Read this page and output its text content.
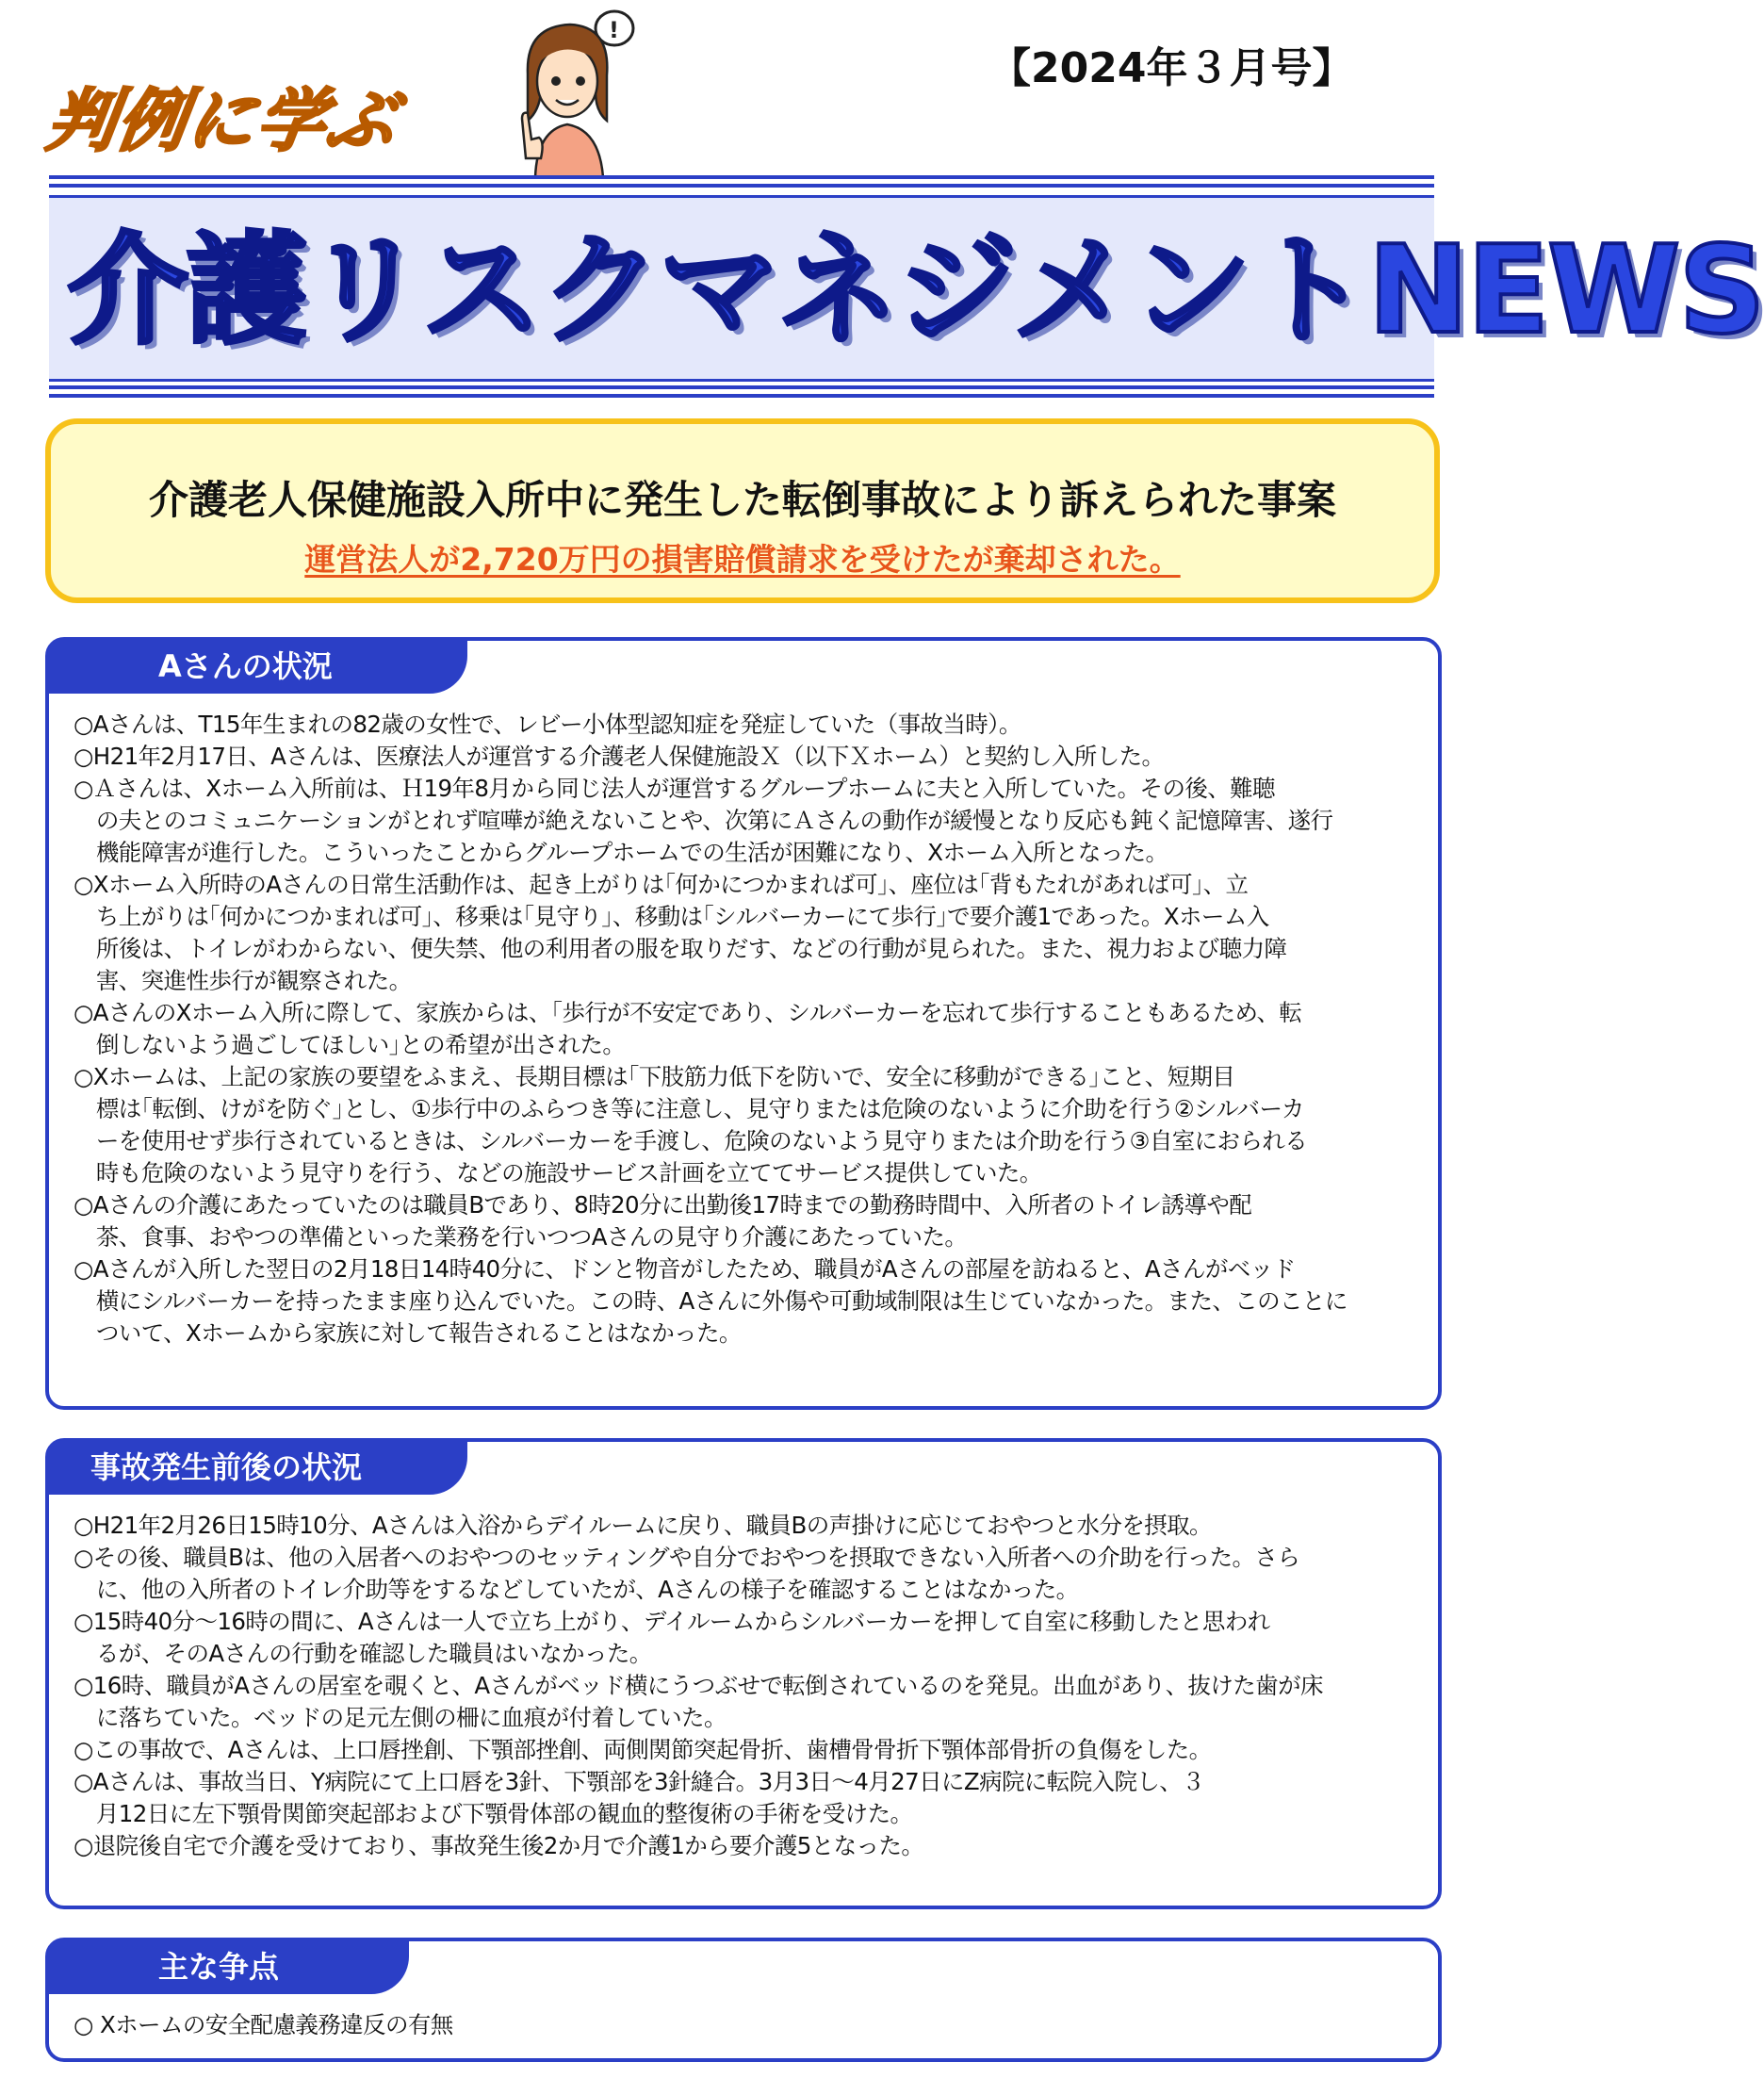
判例に学ぶ
!
【2024年３月号】
介護リスクマネジメントNEWS
介護老人保健施設入所中に発生した転倒事故により訴えられた事案
運営法人が2,720万円の損害賠償請求を受けたが棄却された。
Aさんの状況
○Aさんは、T15年生まれの82歳の女性で、レビー小体型認知症を発症していた（事故当時）。
○H21年2月17日、Aさんは、医療法人が運営する介護老人保健施設Ｘ（以下Ｘホーム）と契約し入所した。
○Ａさんは、Xホーム入所前は、Ｈ19年8月から同じ法人が運営するグループホームに夫と入所していた。その後、難聴
　の夫とのコミュニケーションがとれず喧嘩が絶えないことや、次第にＡさんの動作が緩慢となり反応も鈍く記憶障害、遂行
　機能障害が進行した。こういったことからグループホームでの生活が困難になり、Xホーム入所となった。
○Xホーム入所時のAさんの日常生活動作は、起き上がりは｢何かにつかまれば可｣、座位は｢背もたれがあれば可｣、立
　ち上がりは｢何かにつかまれば可｣、移乗は｢見守り｣、移動は｢シルバーカーにて歩行｣で要介護1であった。Xホーム入
　所後は、トイレがわからない、便失禁、他の利用者の服を取りだす、などの行動が見られた。また、視力および聴力障
　害、突進性歩行が観察された。
○AさんのXホーム入所に際して、家族からは、｢歩行が不安定であり、シルバーカーを忘れて歩行することもあるため、転
　倒しないよう過ごしてほしい｣との希望が出された。
○Xホームは、上記の家族の要望をふまえ、長期目標は｢下肢筋力低下を防いで、安全に移動ができる｣こと、短期目
　標は｢転倒、けがを防ぐ｣とし、①歩行中のふらつき等に注意し、見守りまたは危険のないように介助を行う②シルバーカ
　ーを使用せず歩行されているときは、シルバーカーを手渡し、危険のないよう見守りまたは介助を行う③自室におられる
　時も危険のないよう見守りを行う、などの施設サービス計画を立ててサービス提供していた。
○Aさんの介護にあたっていたのは職員Bであり、8時20分に出勤後17時までの勤務時間中、入所者のトイレ誘導や配
　茶、食事、おやつの準備といった業務を行いつつAさんの見守り介護にあたっていた。
○Aさんが入所した翌日の2月18日14時40分に、ドンと物音がしたため、職員がAさんの部屋を訪ねると、Aさんがベッド
　横にシルバーカーを持ったまま座り込んでいた。この時、Aさんに外傷や可動域制限は生じていなかった。また、このことに
　ついて、Xホームから家族に対して報告されることはなかった。
事故発生前後の状況
○H21年2月26日15時10分、Aさんは入浴からデイルームに戻り、職員Bの声掛けに応じておやつと水分を摂取。
○その後、職員Bは、他の入居者へのおやつのセッティングや自分でおやつを摂取できない入所者への介助を行った。さら
　に、他の入所者のトイレ介助等をするなどしていたが、Aさんの様子を確認することはなかった。
○15時40分～16時の間に、Aさんは一人で立ち上がり、デイルームからシルバーカーを押して自室に移動したと思われ
　るが、そのAさんの行動を確認した職員はいなかった。
○16時、職員がAさんの居室を覗くと、Aさんがベッド横にうつぶせで転倒されているのを発見。出血があり、抜けた歯が床
　に落ちていた。ベッドの足元左側の柵に血痕が付着していた。
○この事故で、Aさんは、上口唇挫創、下顎部挫創、両側関節突起骨折、歯槽骨骨折下顎体部骨折の負傷をした。
○Aさんは、事故当日、Y病院にて上口唇を3針、下顎部を3針縫合。3月3日～4月27日にZ病院に転院入院し、３
　月12日に左下顎骨関節突起部および下顎骨体部の観血的整復術の手術を受けた。
○退院後自宅で介護を受けており、事故発生後2か月で介護1から要介護5となった。
主な争点
○ Xホームの安全配慮義務違反の有無
